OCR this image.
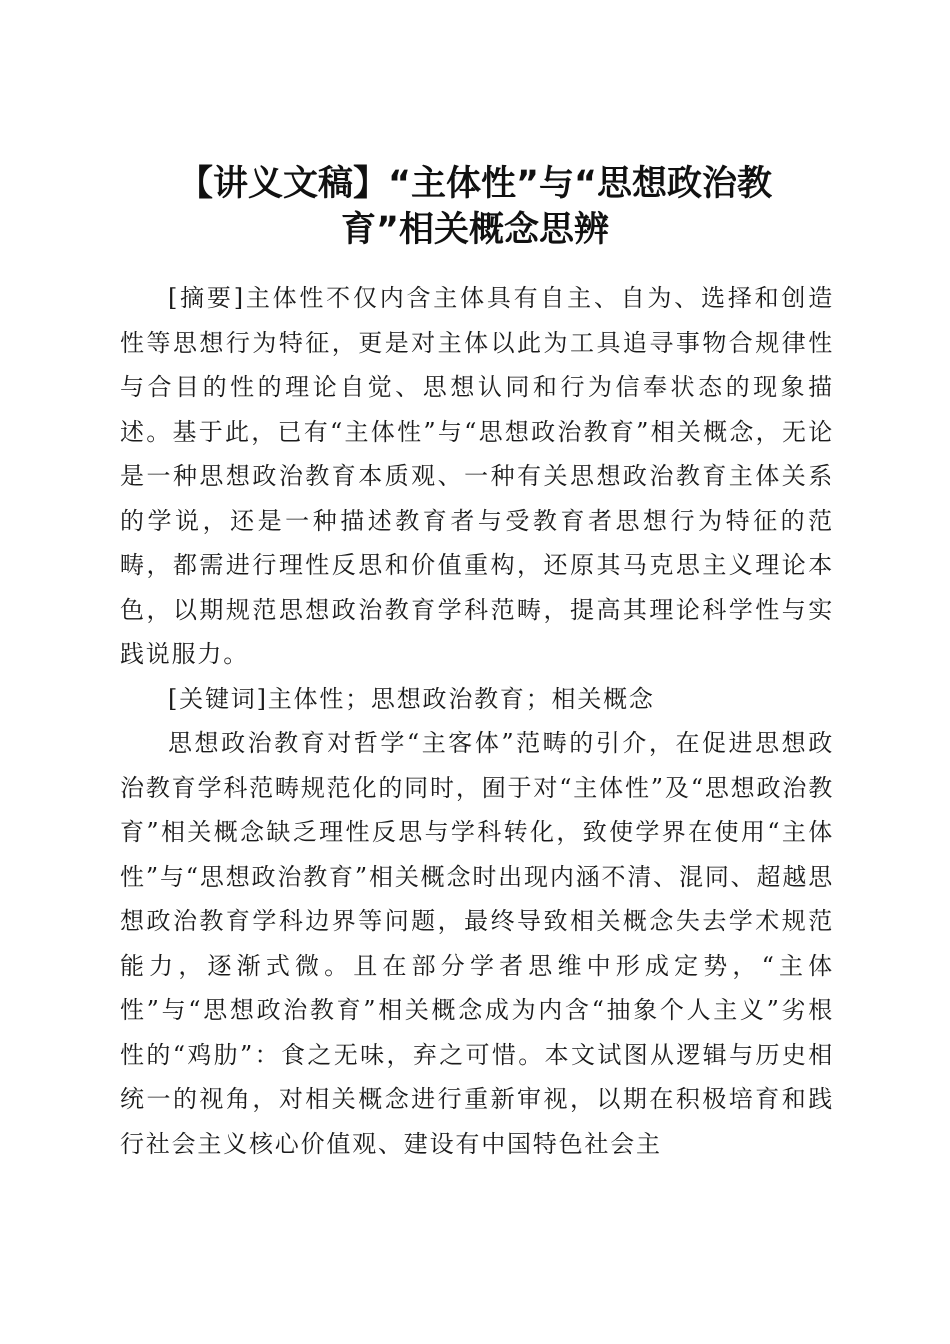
【讲义文稿】“主体性”与“思想政治教
育”相关概念思辨

[摘要]主体性不仅内含主体具有自主、自为、选择和创造性等思想行为特征，更是对主体以此为工具追寻事物合规律性与合目的性的理论自觉、思想认同和行为信奉状态的现象描述。基于此，已有“主体性”与“思想政治教育”相关概念，无论是一种思想政治教育本质观、一种有关思想政治教育主体关系的学说，还是一种描述教育者与受教育者思想行为特征的范畴，都需进行理性反思和价值重构，还原其马克思主义理论本色，以期规范思想政治教育学科范畴，提高其理论科学性与实践说服力。

[关键词]主体性；思想政治教育；相关概念

思想政治教育对哲学“主客体”范畴的引介，在促进思想政治教育学科范畴规范化的同时，囿于对“主体性”及“思想政治教育”相关概念缺乏理性反思与学科转化，致使学界在使用“主体性”与“思想政治教育”相关概念时出现内涵不清、混同、超越思想政治教育学科边界等问题，最终导致相关概念失去学术规范能力，逐渐式微。且在部分学者思维中形成定势，“主体性”与“思想政治教育”相关概念成为内含“抽象个人主义”劣根性的“鸡肋”：食之无味，弃之可惜。本文试图从逻辑与历史相统一的视角，对相关概念进行重新审视，以期在积极培育和践行社会主义核心价值观、建设有中国特色社会主
